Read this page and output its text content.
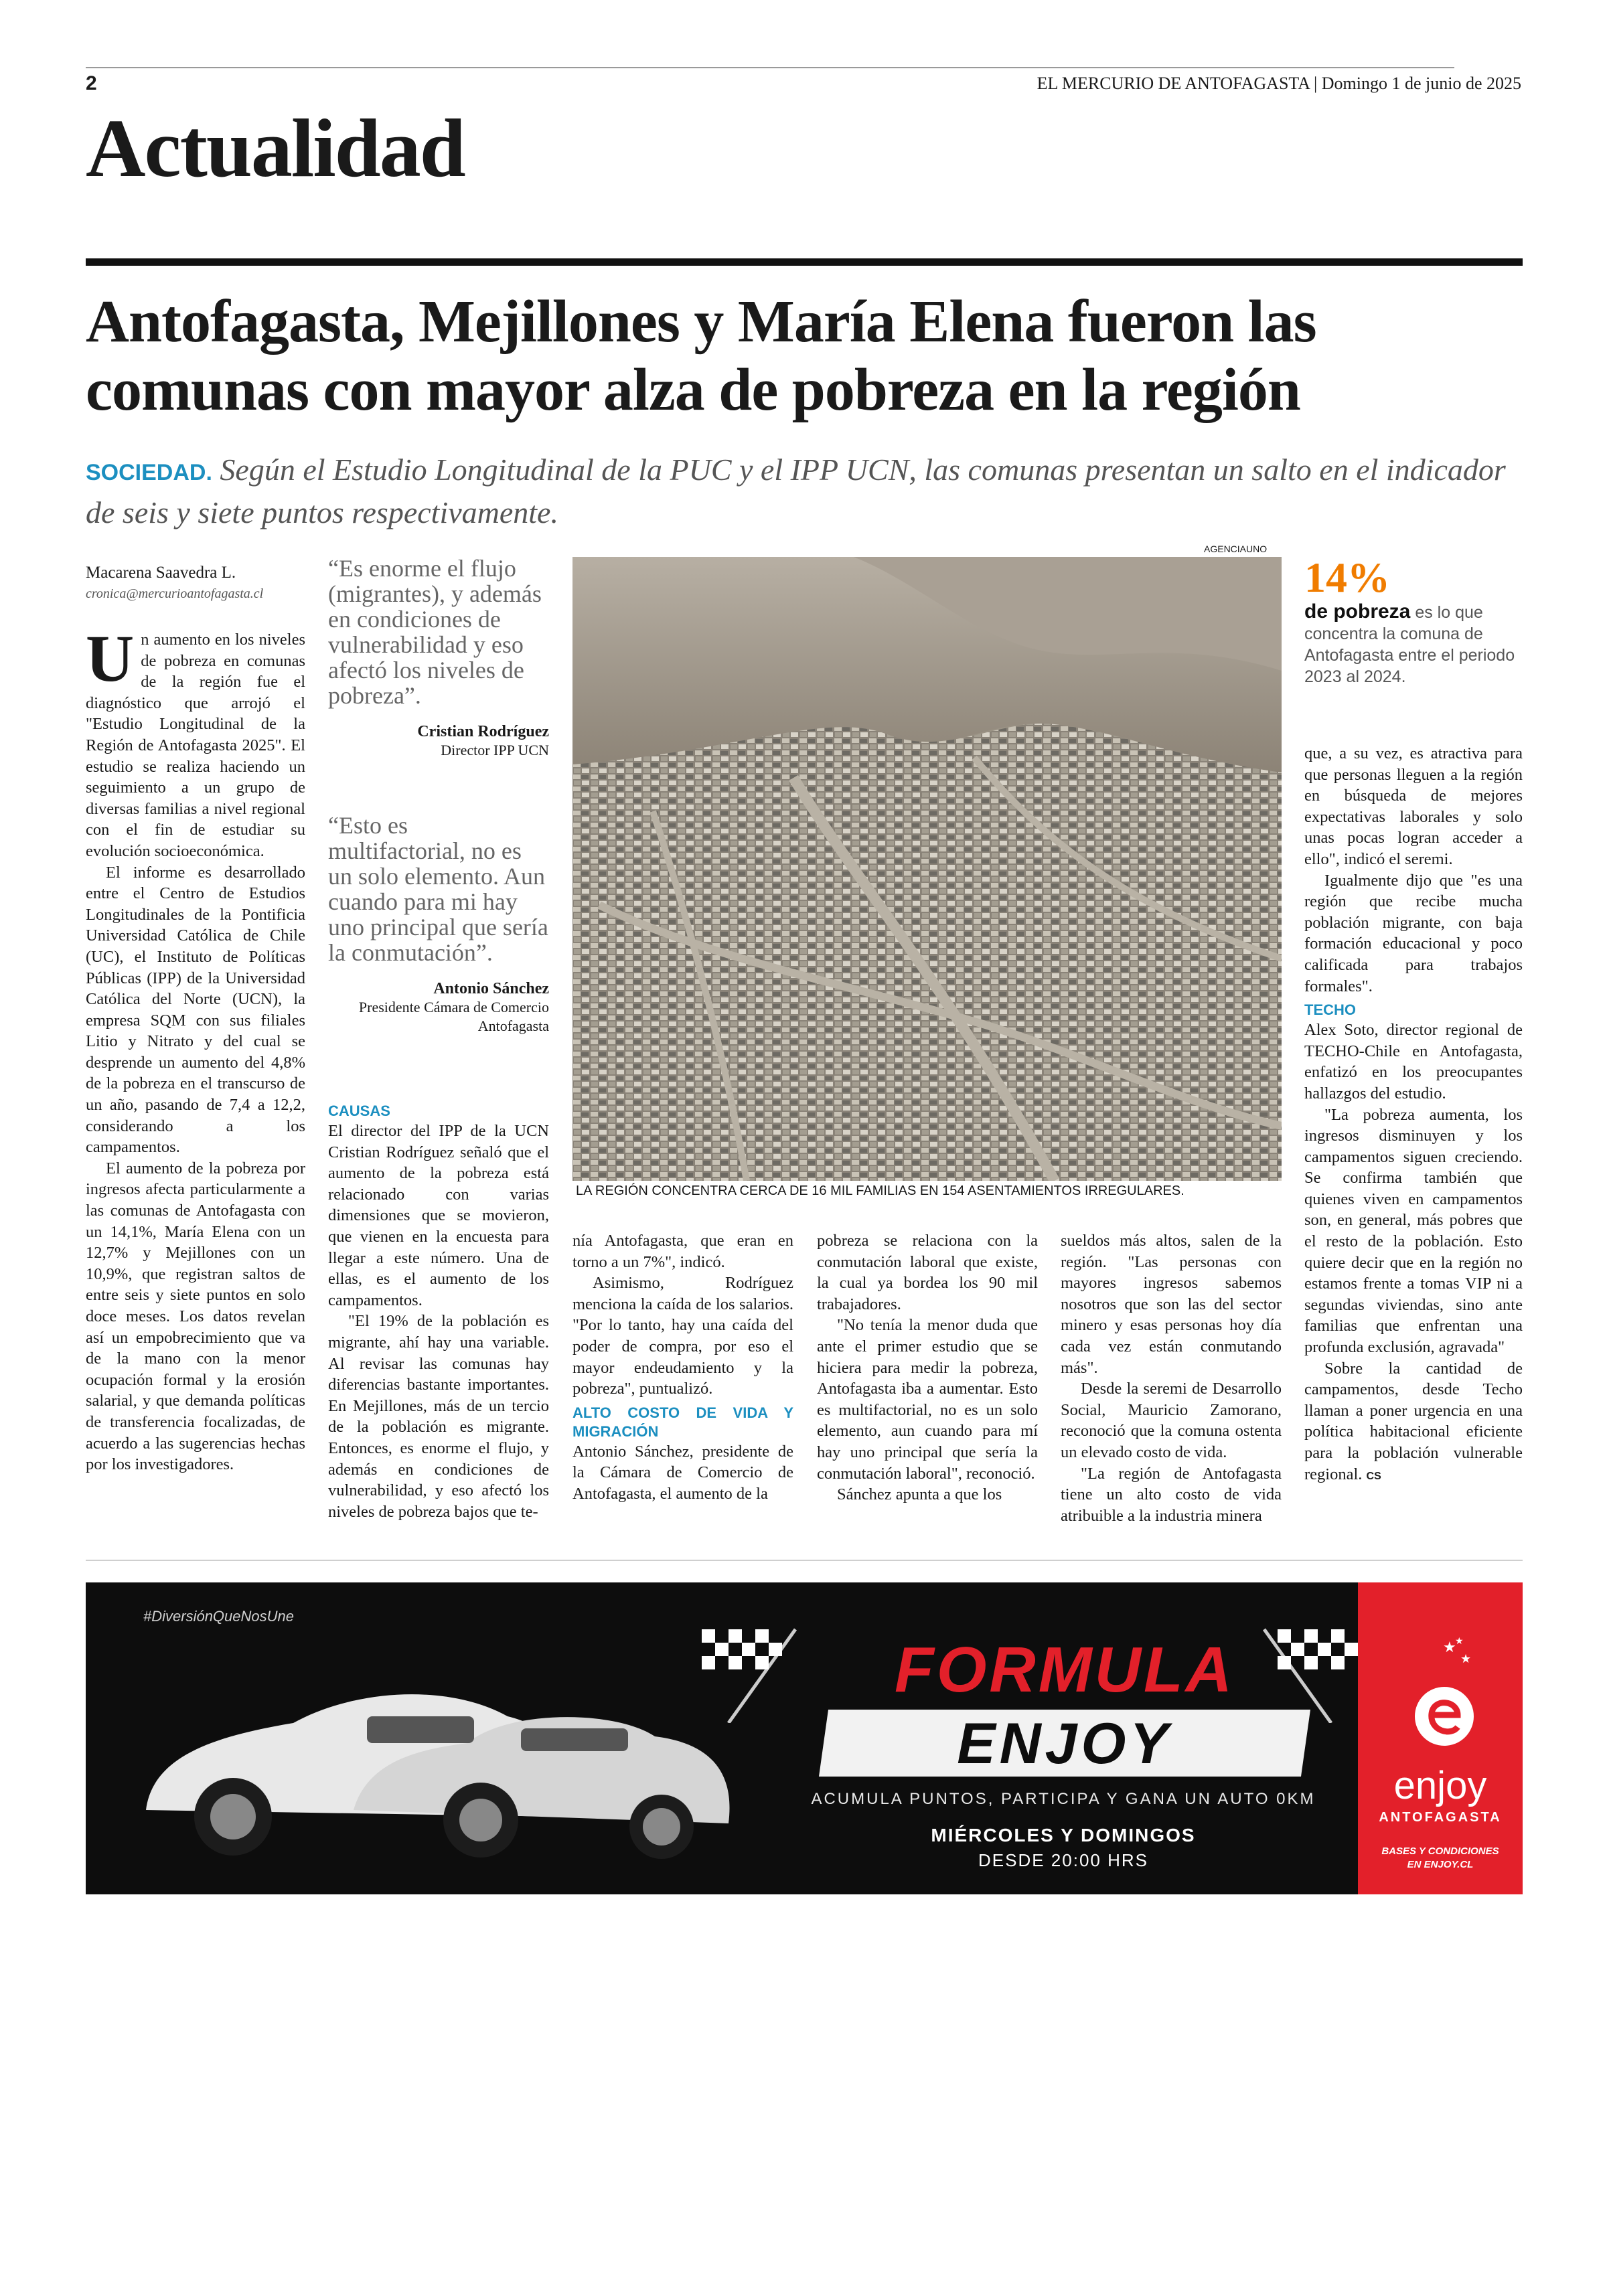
2	EL MERCURIO DE ANTOFAGASTA | Domingo 1 de junio de 2025
Actualidad
Antofagasta, Mejillones y María Elena fueron las
comunas con mayor alza de pobreza en la región
SOCIEDAD. Según el Estudio Longitudinal de la PUC y el IPP UCN, las comunas presentan un salto en el indicador de seis y siete puntos respectivamente.
Macarena Saavedra L.
cronica@mercurioantofagasta.cl

Un aumento en los niveles de pobreza en comunas de la región fue el diagnóstico que arrojó el "Estudio Longitudinal de la Región de Antofagasta 2025". El estudio se realiza haciendo un seguimiento a un grupo de diversas familias a nivel regional con el fin de estudiar su evolución socioeconómica.

El informe es desarrollado entre el Centro de Estudios Longitudinales de la Pontificia Universidad Católica de Chile (UC), el Instituto de Políticas Públicas (IPP) de la Universidad Católica del Norte (UCN), la empresa SQM con sus filiales Litio y Nitrato y del cual se desprende un aumento del 4,8% de la pobreza en el transcurso de un año, pasando de 7,4 a 12,2, considerando a los campamentos.

El aumento de la pobreza por ingresos afecta particularmente a las comunas de Antofagasta con un 14,1%, María Elena con un 12,7% y Mejillones con un 10,9%, que registran saltos de entre seis y siete puntos en solo doce meses. Los datos revelan así un empobrecimiento que va de la mano con la menor ocupación formal y la erosión salarial, y que demanda políticas de transferencia focalizadas, de acuerdo a las sugerencias hechas por los investigadores.

“Es enorme el flujo (migrantes), y además en condiciones de vulnerabilidad y eso afectó los niveles de pobreza”.
Cristian Rodríguez
Director IPP UCN
“Esto es multifactorial, no es un solo elemento. Aun cuando para mi hay uno principal que sería la conmutación”.
Antonio Sánchez
Presidente Cámara de Comercio Antofagasta
CAUSAS

El director del IPP de la UCN Cristian Rodríguez señaló que el aumento de la pobreza está relacionado con varias dimensiones que se movieron, que vienen en la encuesta para llegar a este número. Una de ellas, es el aumento de los campamentos.

"El 19% de la población es migrante, ahí hay una variable. Al revisar las comunas hay diferencias bastante importantes. En Mejillones, más de un tercio de la población es migrante. Entonces, es enorme el flujo, y además en condiciones de vulnerabilidad, y eso afectó los niveles de pobreza bajos que te-

AGENCIAUNO
LA REGIÓN CONCENTRA CERCA DE 16 MIL FAMILIAS EN 154 ASENTAMIENTOS IRREGULARES.
14%
de pobreza es lo que concentra la comuna de Antofagasta entre el periodo 2023 al 2024.

nía Antofagasta, que eran en torno a un 7%", indicó.

Asimismo, Rodríguez menciona la caída de los salarios. "Por lo tanto, hay una caída del poder de compra, por eso el mayor endeudamiento y la pobreza", puntualizó.

ALTO COSTO DE VIDA Y MIGRACIÓN

Antonio Sánchez, presidente de la Cámara de Comercio de Antofagasta, el aumento de la

pobreza se relaciona con la conmutación laboral que existe, la cual ya bordea los 90 mil trabajadores.

"No tenía la menor duda que ante el primer estudio que se hiciera para medir la pobreza, Antofagasta iba a aumentar. Esto es multifactorial, no es un solo elemento, aun cuando para mí hay uno principal que sería la conmutación laboral", reconoció.

Sánchez apunta a que los

sueldos más altos, salen de la región. "Las personas con mayores ingresos sabemos nosotros que son las del sector minero y esas personas hoy día cada vez están conmutando más".

Desde la seremi de Desarrollo Social, Mauricio Zamorano, reconoció que la comuna ostenta un elevado costo de vida.

"La región de Antofagasta tiene un alto costo de vida atribuible a la industria minera

que, a su vez, es atractiva para que personas lleguen a la región en búsqueda de mejores expectativas laborales y solo unas pocas logran acceder a ello", indicó el seremi.

Igualmente dijo que "es una región que recibe mucha población migrante, con baja formación educacional y poco calificada para trabajos formales".

TECHO

Alex Soto, director regional de TECHO-Chile en Antofagasta, enfatizó en los preocupantes hallazgos del estudio.

"La pobreza aumenta, los ingresos disminuyen y los campamentos siguen creciendo. Se confirma también que quienes viven en campamentos son, en general, más pobres que el resto de la población. Esto quiere decir que en la región no estamos frente a tomas VIP ni a segundas viviendas, sino ante familias que enfrentan una profunda exclusión, agravada"

Sobre la cantidad de campamentos, desde Techo llaman a poner urgencia en una política habitacional eficiente para la población vulnerable regional. CS

#DiversiónQueNosUne
FORMULA
ENJOY
ACUMULA PUNTOS, PARTICIPA Y GANA UN AUTO 0KM
MIÉRCOLES Y DOMINGOS
DESDE 20:00 HRS
★
★
★
enjoy
ANTOFAGASTA
BASES Y CONDICIONES
EN ENJOY.CL
